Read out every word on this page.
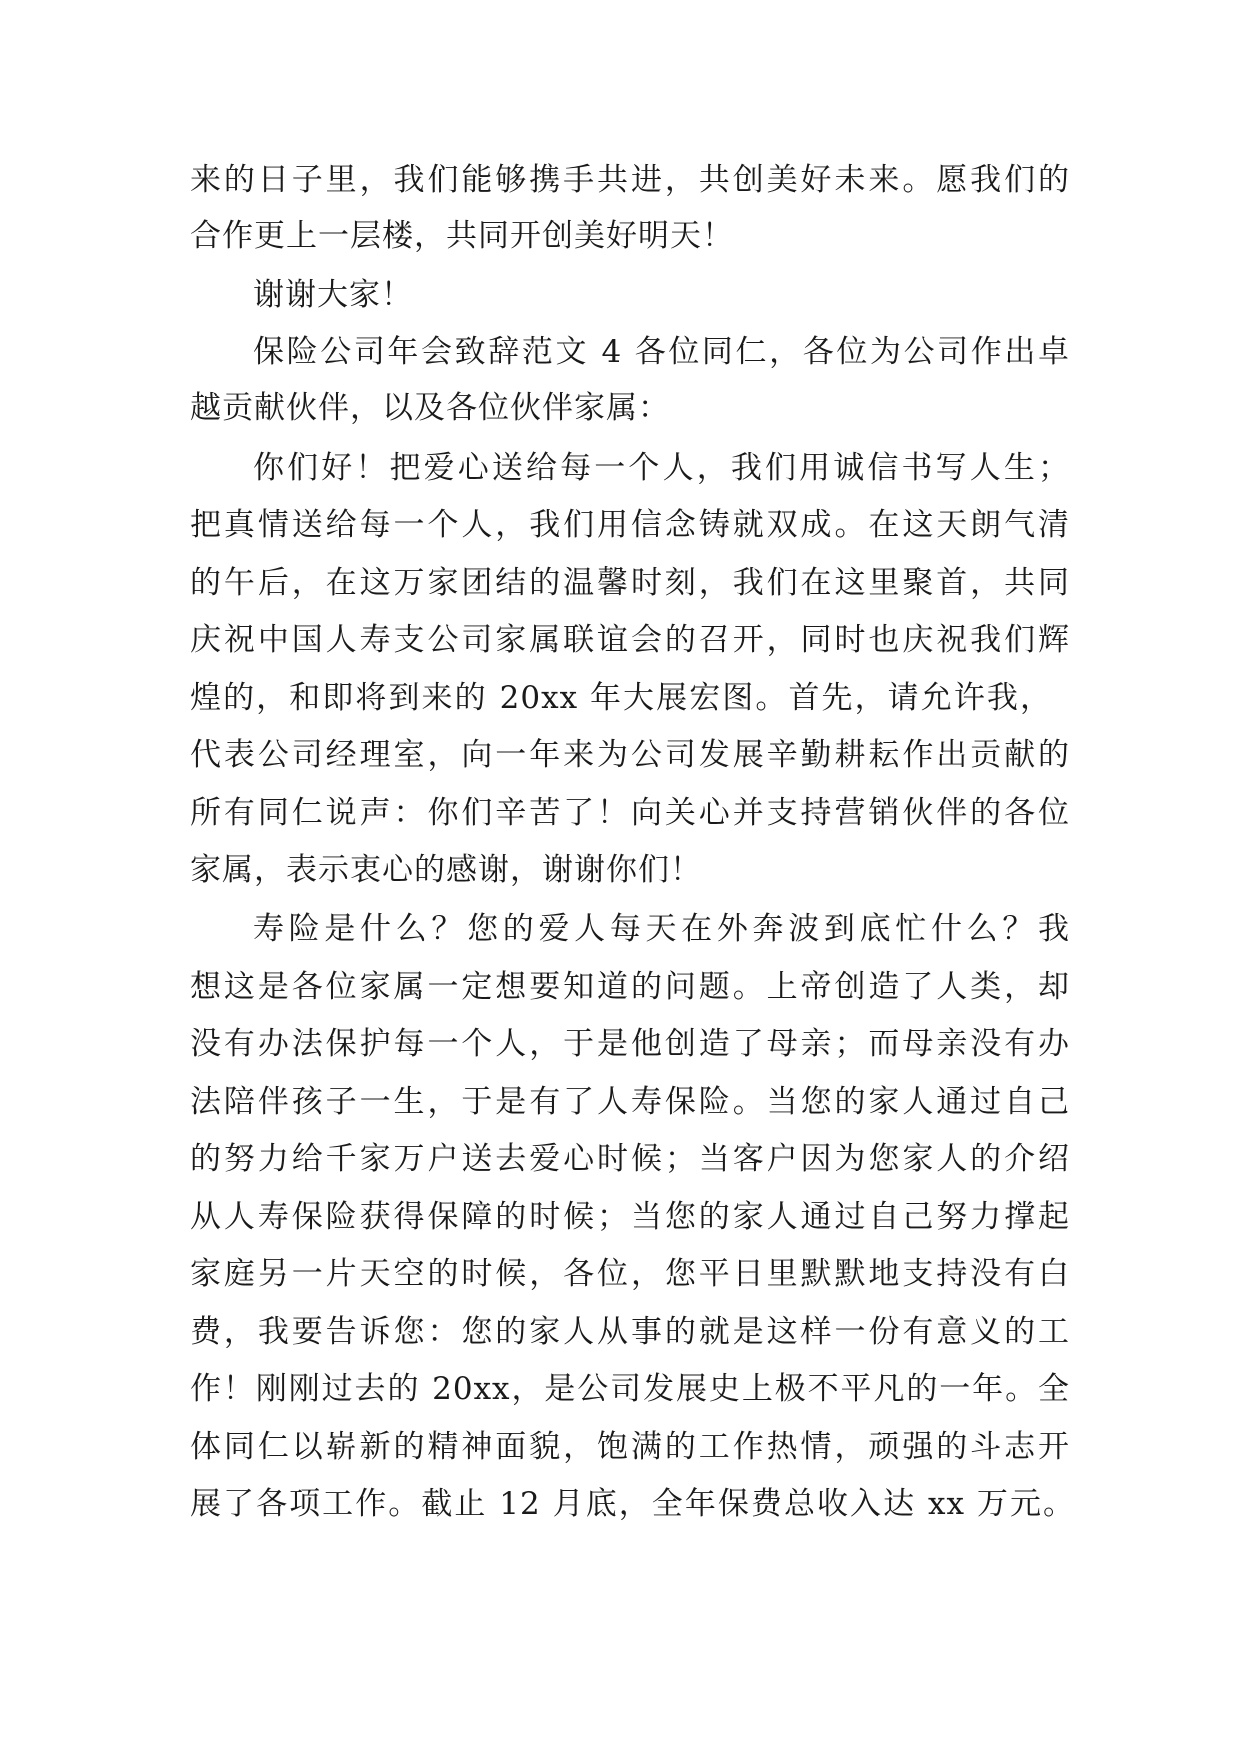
来的日子里，我们能够携手共进，共创美好未来。愿我们的
合作更上一层楼，共同开创美好明天！
谢谢大家！
保险公司年会致辞范文 4 各位同仁，各位为公司作出卓
越贡献伙伴，以及各位伙伴家属：
你们好！把爱心送给每一个人，我们用诚信书写人生；
把真情送给每一个人，我们用信念铸就双成。在这天朗气清
的午后，在这万家团结的温馨时刻，我们在这里聚首，共同
庆祝中国人寿支公司家属联谊会的召开，同时也庆祝我们辉
煌的，和即将到来的 20xx 年大展宏图。首先，请允许我，
代表公司经理室，向一年来为公司发展辛勤耕耘作出贡献的
所有同仁说声：你们辛苦了！向关心并支持营销伙伴的各位
家属，表示衷心的感谢，谢谢你们！
寿险是什么？您的爱人每天在外奔波到底忙什么？我
想这是各位家属一定想要知道的问题。上帝创造了人类，却
没有办法保护每一个人，于是他创造了母亲；而母亲没有办
法陪伴孩子一生，于是有了人寿保险。当您的家人通过自己
的努力给千家万户送去爱心时候；当客户因为您家人的介绍
从人寿保险获得保障的时候；当您的家人通过自己努力撑起
家庭另一片天空的时候，各位，您平日里默默地支持没有白
费，我要告诉您：您的家人从事的就是这样一份有意义的工
作！刚刚过去的 20xx，是公司发展史上极不平凡的一年。全
体同仁以崭新的精神面貌，饱满的工作热情，顽强的斗志开
展了各项工作。截止 12 月底，全年保费总收入达 xx 万元。
